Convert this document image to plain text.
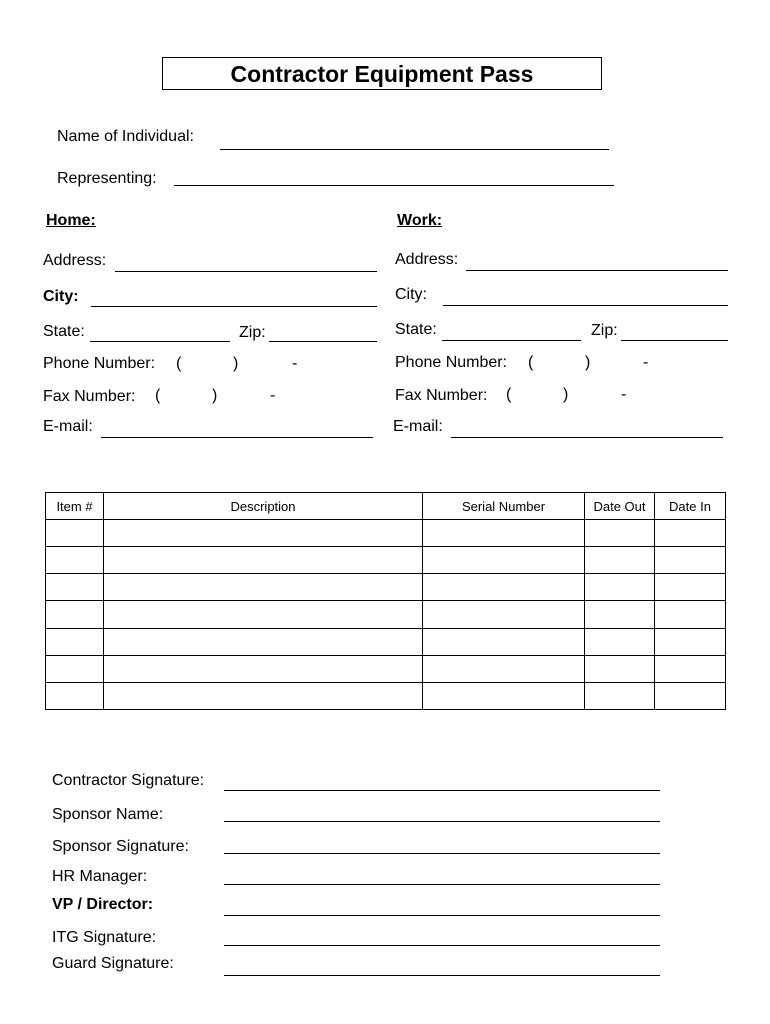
Contractor Equipment Pass
Name of Individual:
Representing:
Home:
Address:
City:
State:	Zip:
Phone Number: (	)	-
Fax Number: (	)	-
E-mail:
Work:
Address:
City:
State:	Zip:
Phone Number: (	)	-
Fax Number: (	)	-
E-mail:
Item #	Description	Serial Number	Date Out	Date In

Contractor Signature:
Sponsor Name:
Sponsor Signature:
HR Manager:
VP / Director:
ITG Signature:
Guard Signature:
